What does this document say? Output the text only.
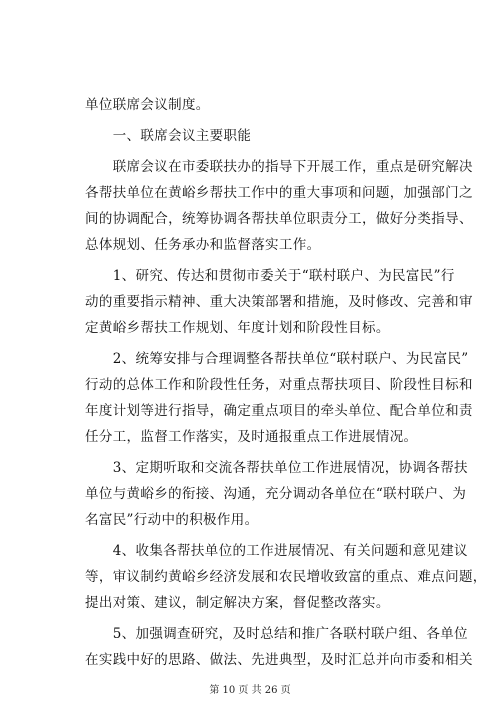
单位联席会议制度。
　　一、联席会议主要职能
　　联席会议在市委联扶办的指导下开展工作，重点是研究解决
各帮扶单位在黄峪乡帮扶工作中的重大事项和问题，加强部门之
间的协调配合，统筹协调各帮扶单位职责分工，做好分类指导、
总体规划、任务承办和监督落实工作。
　　1、研究、传达和贯彻市委关于“联村联户、为民富民”行
动的重要指示精神、重大决策部署和措施，及时修改、完善和审
定黄峪乡帮扶工作规划、年度计划和阶段性目标。
　　2、统筹安排与合理调整各帮扶单位“联村联户、为民富民”
行动的总体工作和阶段性任务，对重点帮扶项目、阶段性目标和
年度计划等进行指导，确定重点项目的牵头单位、配合单位和责
任分工，监督工作落实，及时通报重点工作进展情况。
　　3、定期听取和交流各帮扶单位工作进展情况，协调各帮扶
单位与黄峪乡的衔接、沟通，充分调动各单位在“联村联户、为
名富民”行动中的积极作用。
　　4、收集各帮扶单位的工作进展情况、有关问题和意见建议
等，审议制约黄峪乡经济发展和农民增收致富的重点、难点问题，
提出对策、建议，制定解决方案，督促整改落实。
　　5、加强调查研究，及时总结和推广各联村联户组、各单位
在实践中好的思路、做法、先进典型，及时汇总并向市委和相关
第 10 页 共 26 页
